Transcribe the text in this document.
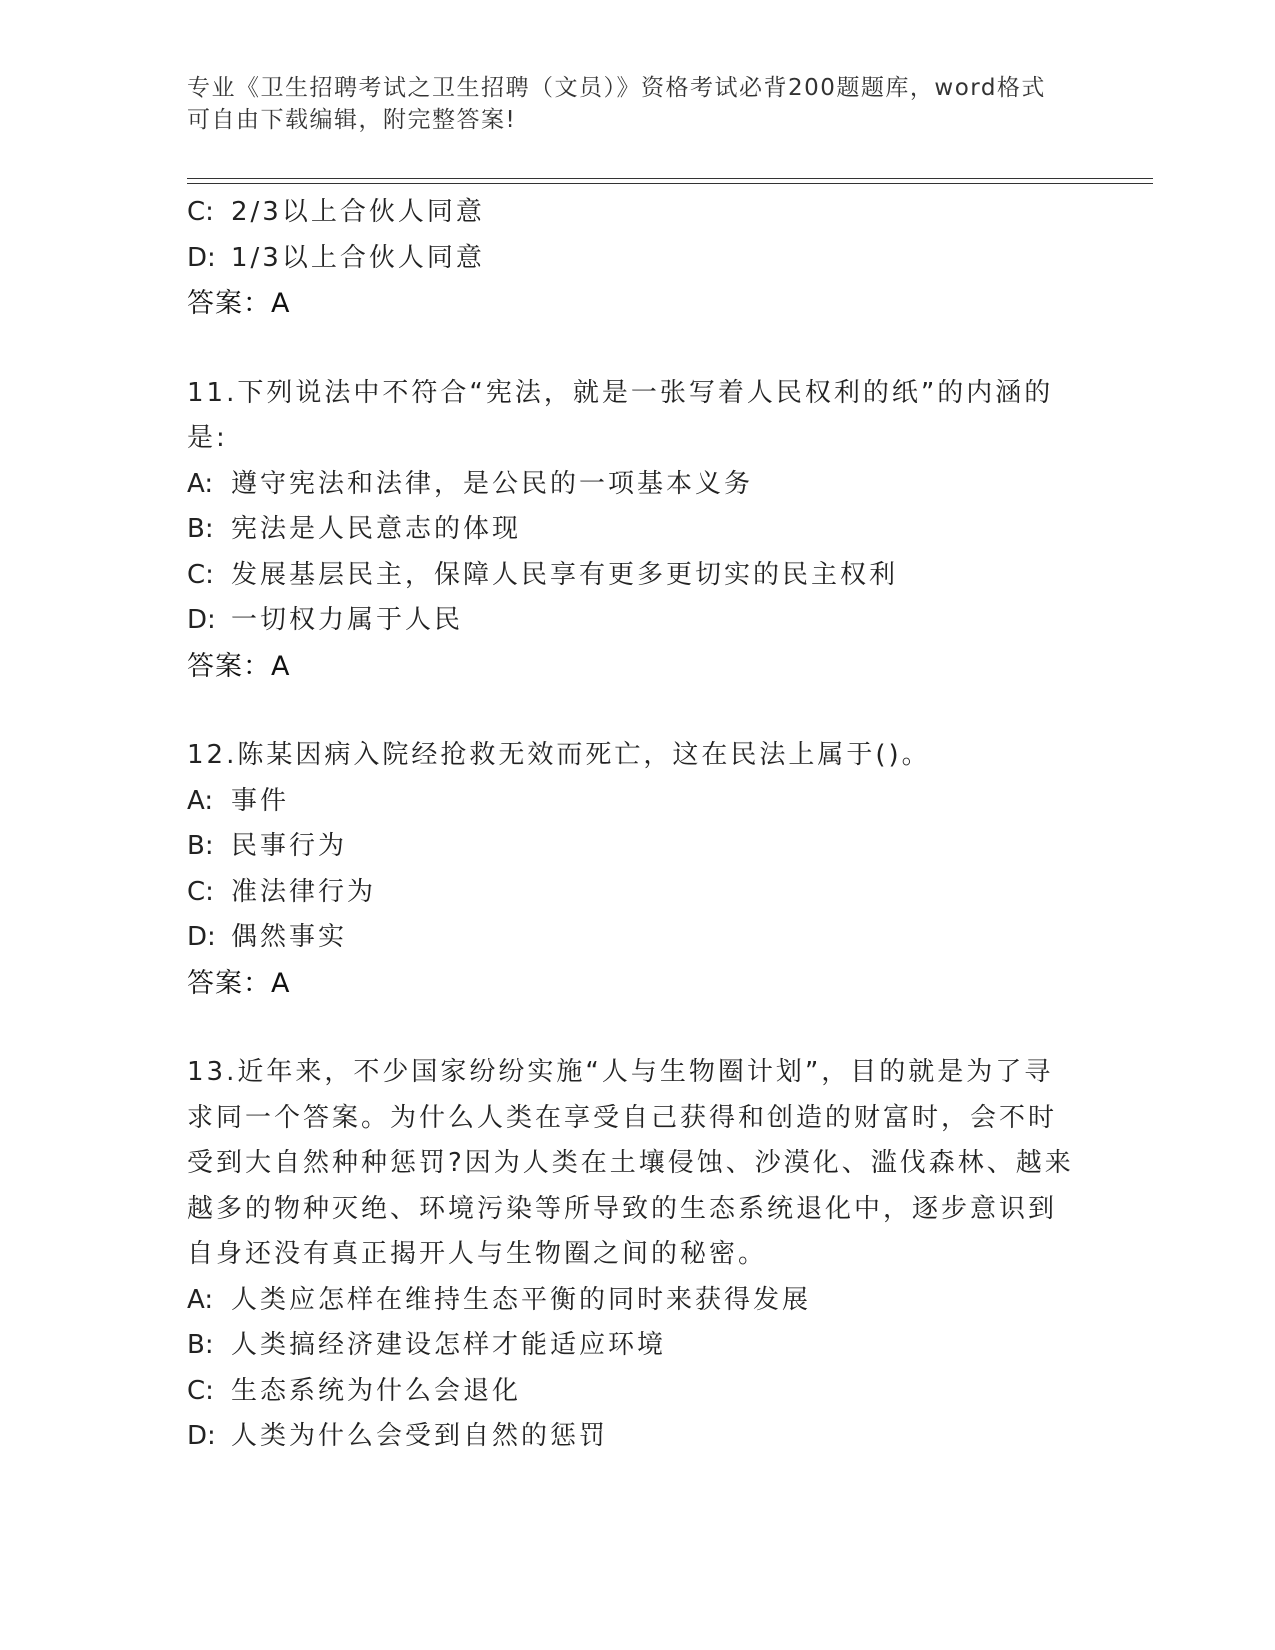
专业《卫生招聘考试之卫生招聘（文员）》资格考试必背200题题库，word格式
可自由下载编辑，附完整答案!
C: 2/3以上合伙人同意
D: 1/3以上合伙人同意
答案：A
11.下列说法中不符合“宪法，就是一张写着人民权利的纸”的内涵的
是:
A: 遵守宪法和法律，是公民的一项基本义务
B: 宪法是人民意志的体现
C: 发展基层民主，保障人民享有更多更切实的民主权利
D: 一切权力属于人民
答案：A
12.陈某因病入院经抢救无效而死亡，这在民法上属于()。
A: 事件
B: 民事行为
C: 准法律行为
D: 偶然事实
答案：A
13.近年来，不少国家纷纷实施“人与生物圈计划”，目的就是为了寻
求同一个答案。为什么人类在享受自己获得和创造的财富时，会不时
受到大自然种种惩罚?因为人类在土壤侵蚀、沙漠化、滥伐森林、越来
越多的物种灭绝、环境污染等所导致的生态系统退化中，逐步意识到
自身还没有真正揭开人与生物圈之间的秘密。
A: 人类应怎样在维持生态平衡的同时来获得发展
B: 人类搞经济建设怎样才能适应环境
C: 生态系统为什么会退化
D: 人类为什么会受到自然的惩罚
